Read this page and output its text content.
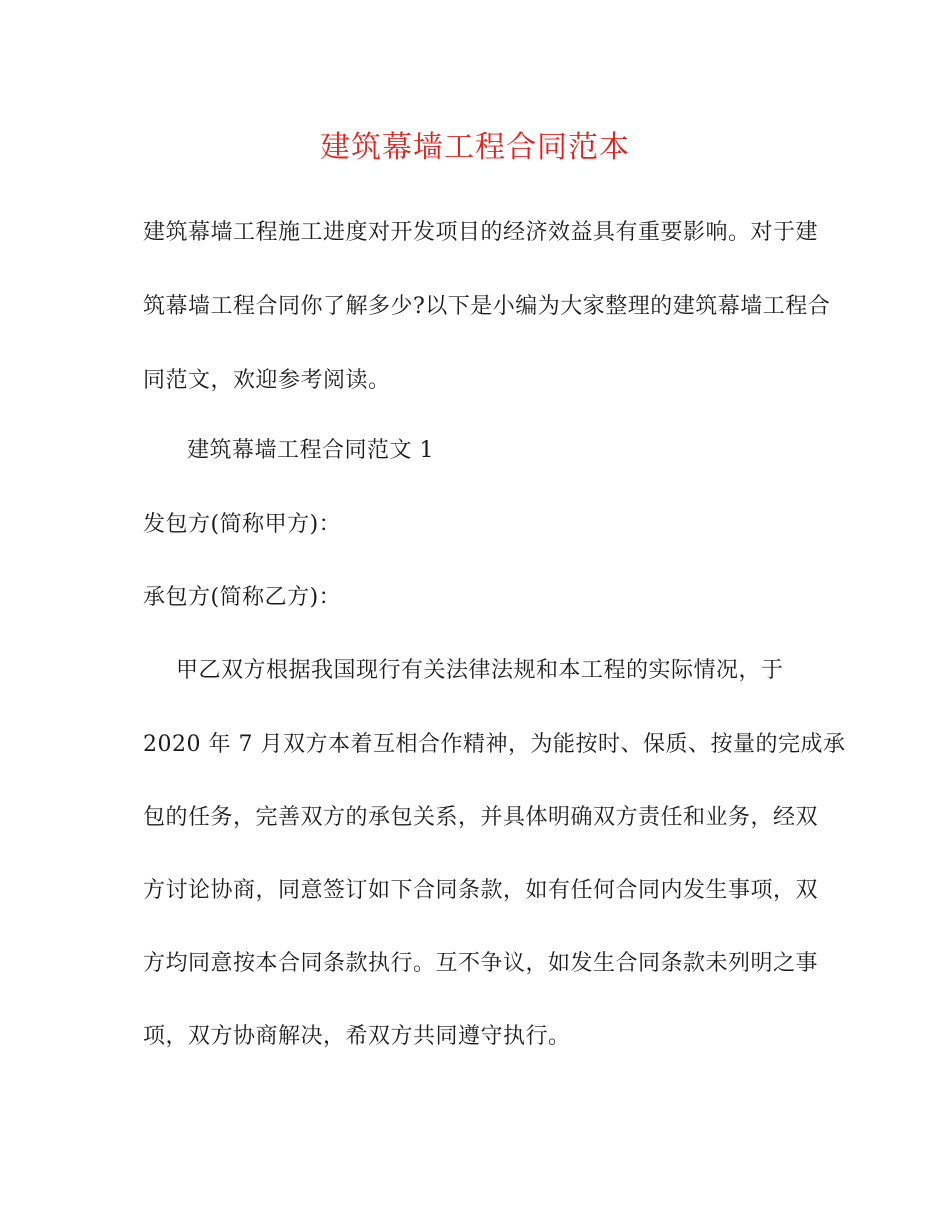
建筑幕墙工程合同范本
建筑幕墙工程施工进度对开发项目的经济效益具有重要影响。对于建
筑幕墙工程合同你了解多少?以下是小编为大家整理的建筑幕墙工程合
同范文，欢迎参考阅读。
建筑幕墙工程合同范文 1
发包方(简称甲方)：
承包方(简称乙方)：
甲乙双方根据我国现行有关法律法规和本工程的实际情况，于
2020 年 7 月双方本着互相合作精神，为能按时、保质、按量的完成承
包的任务，完善双方的承包关系，并具体明确双方责任和业务，经双
方讨论协商，同意签订如下合同条款，如有任何合同内发生事项，双
方均同意按本合同条款执行。互不争议，如发生合同条款未列明之事
项，双方协商解决，希双方共同遵守执行。
